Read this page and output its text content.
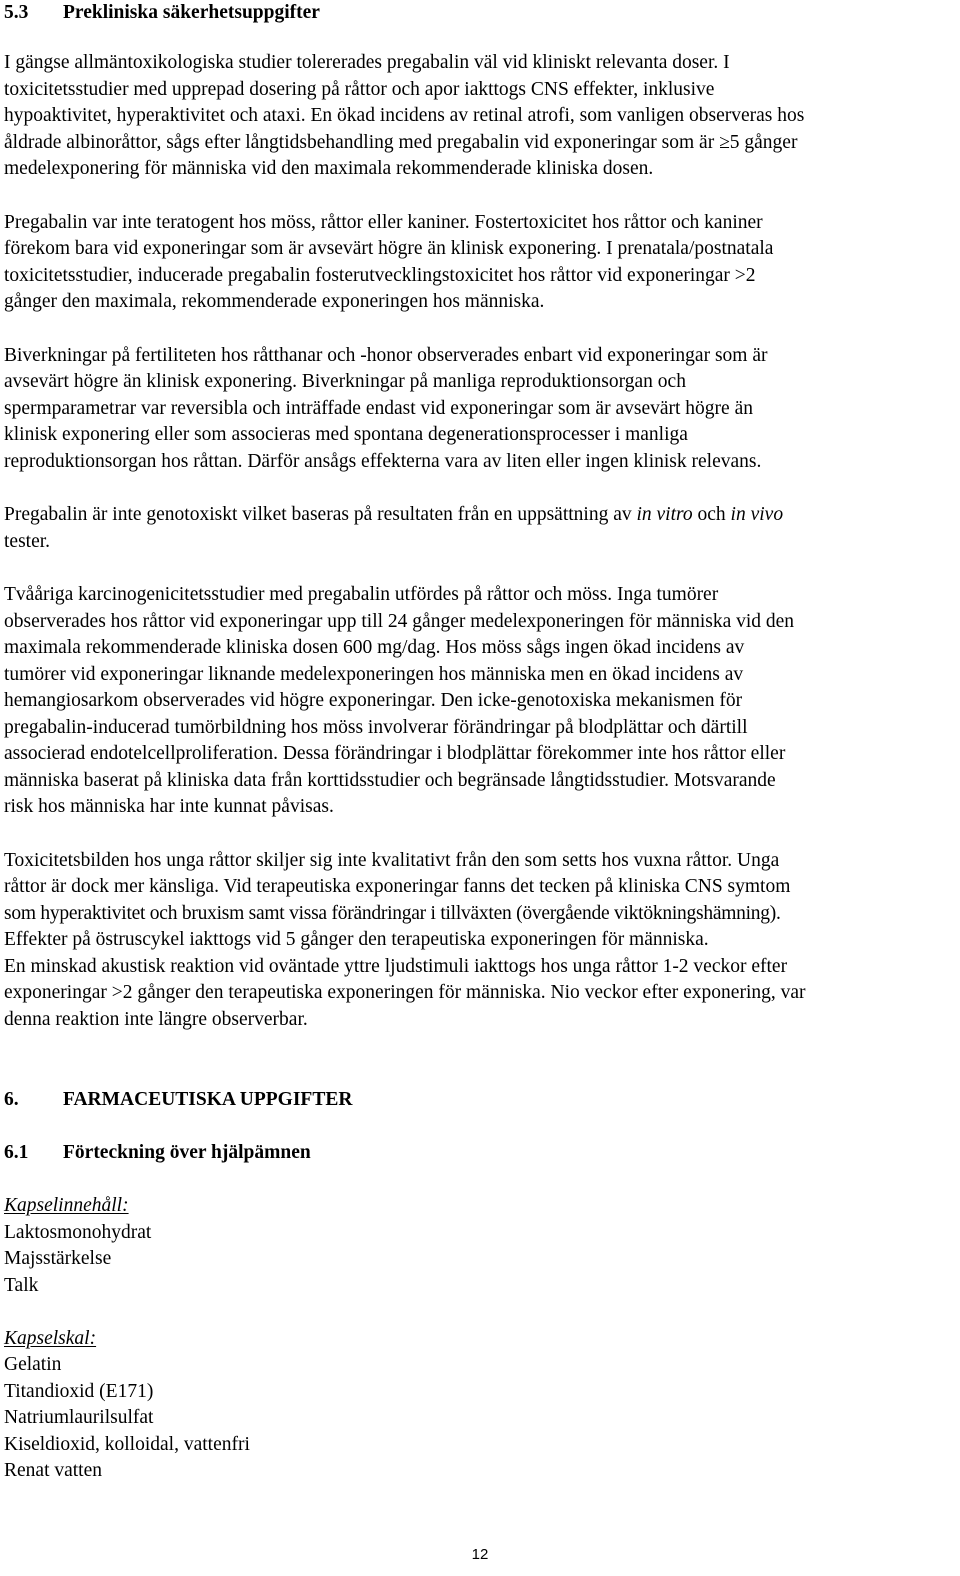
5.3 Prekliniska säkerhetsuppgifter
I gängse allmäntoxikologiska studier tolererades pregabalin väl vid kliniskt relevanta doser. I
toxicitetsstudier med upprepad dosering på råttor och apor iakttogs CNS effekter, inklusive
hypoaktivitet, hyperaktivitet och ataxi. En ökad incidens av retinal atrofi, som vanligen observeras hos
åldrade albinoråttor, sågs efter långtidsbehandling med pregabalin vid exponeringar som är ≥5 gånger
medelexponering för människa vid den maximala rekommenderade kliniska dosen.
Pregabalin var inte teratogent hos möss, råttor eller kaniner. Fostertoxicitet hos råttor och kaniner
förekom bara vid exponeringar som är avsevärt högre än klinisk exponering. I prenatala/postnatala
toxicitetsstudier, inducerade pregabalin fosterutvecklingstoxicitet hos råttor vid exponeringar >2
gånger den maximala, rekommenderade exponeringen hos människa.
Biverkningar på fertiliteten hos råtthanar och -honor observerades enbart vid exponeringar som är
avsevärt högre än klinisk exponering. Biverkningar på manliga reproduktionsorgan och
spermparametrar var reversibla och inträffade endast vid exponeringar som är avsevärt högre än
klinisk exponering eller som associeras med spontana degenerationsprocesser i manliga
reproduktionsorgan hos råttan. Därför ansågs effekterna vara av liten eller ingen klinisk relevans.
Pregabalin är inte genotoxiskt vilket baseras på resultaten från en uppsättning av in vitro och in vivo
tester.
Tvååriga karcinogenicitetsstudier med pregabalin utfördes på råttor och möss. Inga tumörer
observerades hos råttor vid exponeringar upp till 24 gånger medelexponeringen för människa vid den
maximala rekommenderade kliniska dosen 600 mg/dag. Hos möss sågs ingen ökad incidens av
tumörer vid exponeringar liknande medelexponeringen hos människa men en ökad incidens av
hemangiosarkom observerades vid högre exponeringar. Den icke-genotoxiska mekanismen för
pregabalin-inducerad tumörbildning hos möss involverar förändringar på blodplättar och därtill
associerad endotelcellproliferation. Dessa förändringar i blodplättar förekommer inte hos råttor eller
människa baserat på kliniska data från korttidsstudier och begränsade långtidsstudier. Motsvarande
risk hos människa har inte kunnat påvisas.
Toxicitetsbilden hos unga råttor skiljer sig inte kvalitativt från den som setts hos vuxna råttor. Unga
råttor är dock mer känsliga. Vid terapeutiska exponeringar fanns det tecken på kliniska CNS symtom
som hyperaktivitet och bruxism samt vissa förändringar i tillväxten (övergående viktökningshämning).
Effekter på östruscykel iakttogs vid 5 gånger den terapeutiska exponeringen för människa.
En minskad akustisk reaktion vid oväntade yttre ljudstimuli iakttogs hos unga råttor 1-2 veckor efter
exponeringar >2 gånger den terapeutiska exponeringen för människa. Nio veckor efter exponering, var
denna reaktion inte längre observerbar.
6. FARMACEUTISKA UPPGIFTER
6.1 Förteckning över hjälpämnen
Kapselinnehåll:
Laktosmonohydrat
Majsstärkelse
Talk
Kapselskal:
Gelatin
Titandioxid (E171)
Natriumlaurilsulfat
Kiseldioxid, kolloidal, vattenfri
Renat vatten
12
